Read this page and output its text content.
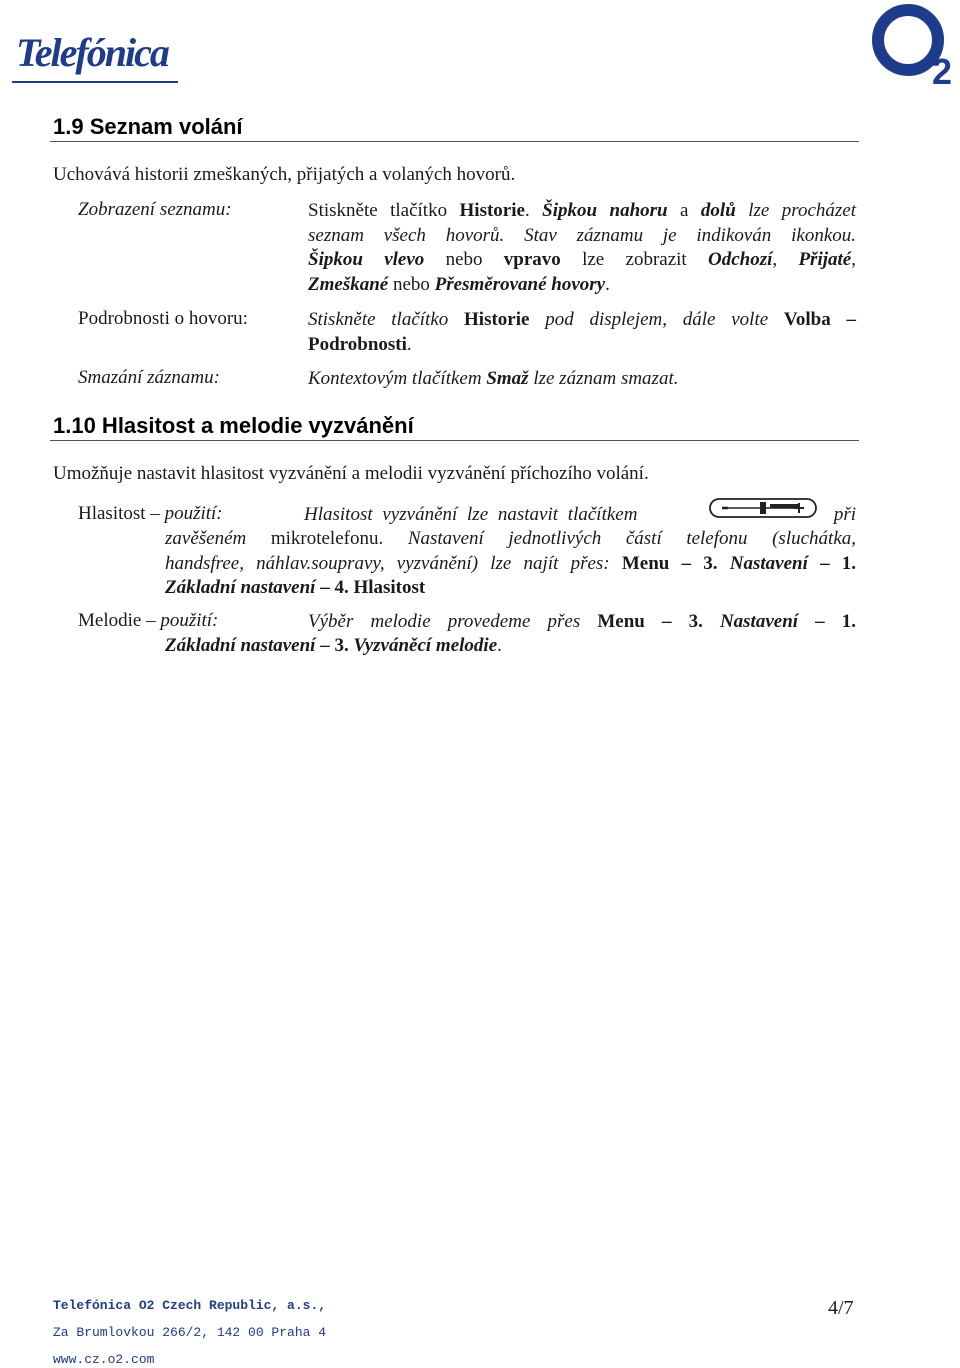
Telefónica	2
1.9 Seznam volání
Uchovává historii zmeškaných, přijatých a volaných hovorů.
Zobrazení seznamu:	Stiskněte tlačítko Historie. Šipkou nahoru a dolů lze procházet
seznam všech hovorů. Stav záznamu je indikován ikonkou.
Šipkou vlevo nebo vpravo lze zobrazit Odchozí, Přijaté,
Zmeškané nebo Přesměrované hovory.
Podrobnosti o hovoru:	Stiskněte tlačítko Historie pod displejem, dále volte Volba –
Podrobnosti.
Smazání záznamu:	Kontextovým tlačítkem Smaž lze záznam smazat.
1.10 Hlasitost a melodie vyzvánění
Umožňuje nastavit hlasitost vyzvánění a melodii vyzvánění příchozího volání.
Hlasitost – použití:	Hlasitost vyzvánění lze nastavit tlačítkem	při
zavěšeném mikrotelefonu. Nastavení jednotlivých částí telefonu (sluchátka,
handsfree, náhlav.soupravy, vyzvánění) lze najít přes: Menu – 3. Nastavení – 1.
Základní nastavení – 4. Hlasitost
Melodie – použití:	Výběr melodie provedeme přes Menu – 3. Nastavení – 1.
Základní nastavení – 3. Vyzváněcí melodie.
Telefónica O2 Czech Republic, a.s.,
Za Brumlovkou 266/2, 142 00 Praha 4
www.cz.o2.com
4/7
